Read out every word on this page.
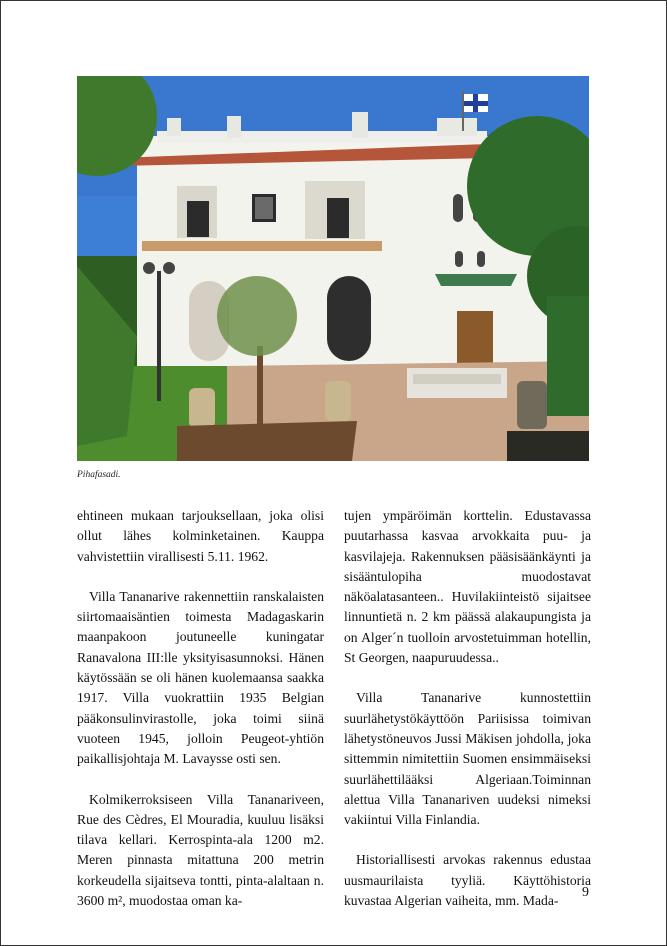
Pihafasadi.

ehtineen mukaan tarjouksellaan, joka olisi ollut lähes kolminketainen. Kauppa vahvistettiin virallisesti 5.11. 1962.

Villa Tananarive rakennettiin ranskalaisten siirtomaaisäntien toimesta Madagaskarin maanpakoon joutuneelle kuningatar Ranavalona III:lle yksityisasunnoksi. Hänen käytössään se oli hänen kuolemaansa saakka 1917. Villa vuokrattiin 1935 Belgian pääkonsulinvirastolle, joka toimi siinä vuoteen 1945, jolloin Peugeot-yhtiön paikallisjohtaja M. Lavaysse osti sen.

Kolmikerroksiseen Villa Tananariveen, Rue des Cèdres, El Mouradia, kuuluu lisäksi tilava kellari. Kerrospinta-ala 1200 m2. Meren pinnasta mitattuna 200 metrin korkeudella sijaitseva tontti, pinta-alaltaan n. 3600 m², muodostaa oman ka-

tujen ympäröimän korttelin. Edustavassa puutarhassa kasvaa arvokkaita puu- ja kasvilajeja. Rakennuksen pääsisäänkäynti ja sisääntulopiha muodostavat näköalatasanteen.. Huvilakiinteistö sijaitsee linnuntietä n. 2 km päässä alakaupungista ja on Alger´n tuolloin arvostetuimman hotellin, St Georgen, naapuruudessa..

Villa Tananarive kunnostettiin suurlähetystökäyttöön Pariisissa toimivan lähetystöneuvos Jussi Mäkisen johdolla, joka sittemmin nimitettiin Suomen ensimmäiseksi suurlähettilääksi Algeriaan.Toiminnan alettua Villa Tananariven uudeksi nimeksi vakiintui Villa Finlandia.

Historiallisesti arvokas rakennus edustaa uusmaurilaista tyyliä. Käyttöhistoria kuvastaa Algerian vaiheita, mm. Mada-

9
